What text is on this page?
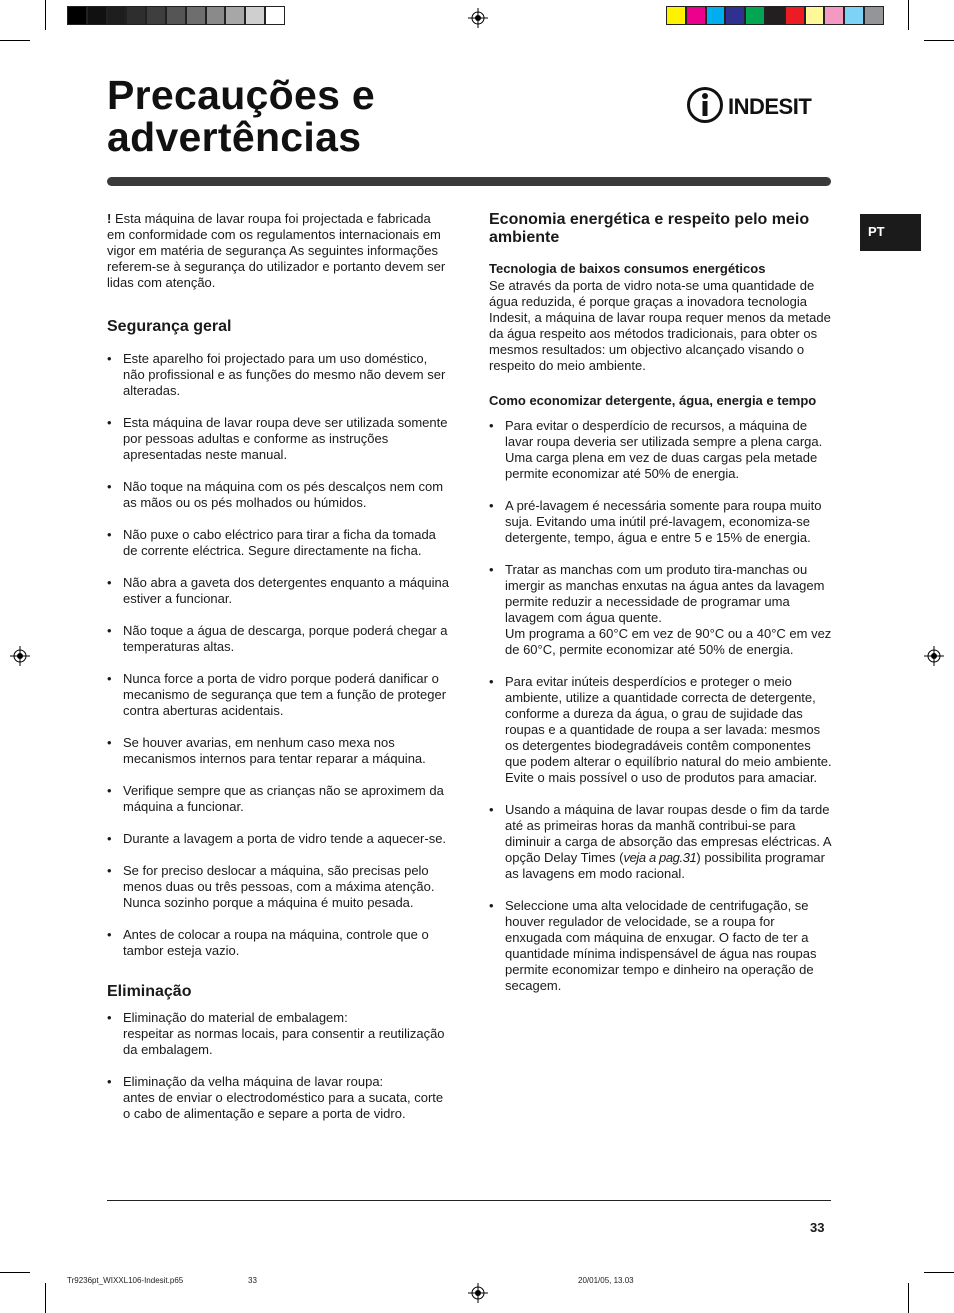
Precauções e
advertências
INDESIT
PT

! Esta máquina de lavar roupa foi projectada e fabricada em conformidade com os regulamentos internacionais em vigor em matéria de segurança As seguintes informações referem-se à segurança do utilizador e portanto devem ser lidas com atenção.

Segurança geral
• Este aparelho foi projectado para um uso doméstico, não profissional e as funções do mesmo não devem ser alteradas.
• Esta máquina de lavar roupa deve ser utilizada somente por pessoas adultas e conforme as instruções apresentadas neste manual.
• Não toque na máquina com os pés descalços nem com as mãos ou os pés molhados ou húmidos.
• Não puxe o cabo eléctrico para tirar a ficha da tomada de corrente eléctrica. Segure directamente na ficha.
• Não abra a gaveta dos detergentes enquanto a máquina estiver a funcionar.
• Não toque a água de descarga, porque poderá chegar a temperaturas altas.
• Nunca force a porta de vidro porque poderá danificar o mecanismo de segurança que tem a função de proteger contra aberturas acidentais.
• Se houver avarias, em nenhum caso mexa nos mecanismos internos para tentar reparar a máquina.
• Verifique sempre que as crianças não se aproximem da máquina a funcionar.
• Durante a lavagem a porta de vidro tende a aquecer-se.
• Se for preciso deslocar a máquina, são precisas pelo menos duas ou três pessoas, com a máxima atenção. Nunca sozinho porque a máquina é muito pesada.
• Antes de colocar a roupa na máquina, controle que o tambor esteja vazio.
Eliminação
• Eliminação do material de embalagem:
respeitar as normas locais, para consentir a reutilização da embalagem.
• Eliminação da velha máquina de lavar roupa:
antes de enviar o electrodoméstico para a sucata, corte o cabo de alimentação e separe a porta de vidro.
Economia energética e respeito pelo meio ambiente

Tecnologia de baixos consumos energéticos

Se através da porta de vidro nota-se uma quantidade de água reduzida, é porque graças a inovadora tecnologia Indesit, a máquina de lavar roupa requer menos da metade da água respeito aos métodos tradicionais, para obter os mesmos resultados: um objectivo alcançado visando o respeito do meio ambiente.

Como economizar detergente, água, energia e tempo

• Para evitar o desperdício de recursos, a máquina de lavar roupa deveria ser utilizada sempre a plena carga. Uma carga plena em vez de duas cargas pela metade permite economizar até 50% de energia.
• A pré-lavagem é necessária somente para roupa muito suja. Evitando uma inútil pré-lavagem, economiza-se detergente, tempo, água e entre 5 e 15% de energia.
• Tratar as manchas com um produto tira-manchas ou imergir as manchas enxutas na água antes da lavagem permite reduzir a necessidade de programar uma lavagem com água quente.
Um programa a 60°C em vez de 90°C ou a 40°C em vez de 60°C, permite economizar até 50% de energia.
• Para evitar inúteis desperdícios e proteger o meio ambiente, utilize a quantidade correcta de detergente, conforme a dureza da água, o grau de sujidade das roupas e a quantidade de roupa a ser lavada: mesmos os detergentes biodegradáveis contêm componentes que podem alterar o equilíbrio natural do meio ambiente. Evite o mais possível o uso de produtos para amaciar.
• Usando a máquina de lavar roupas desde o fim da tarde até as primeiras horas da manhã contribui-se para diminuir a carga de absorção das empresas eléctricas. A opção Delay Times (veja a pag.31) possibilita programar as lavagens em modo racional.
• Seleccione uma alta velocidade de centrifugação, se houver regulador de velocidade, se a roupa for enxugada com máquina de enxugar. O facto de ter a quantidade mínima indispensável de água nas roupas permite economizar tempo e dinheiro na operação de secagem.
33
Tr9236pt_WIXXL106-Indesit.p65	33	20/01/05, 13.03
